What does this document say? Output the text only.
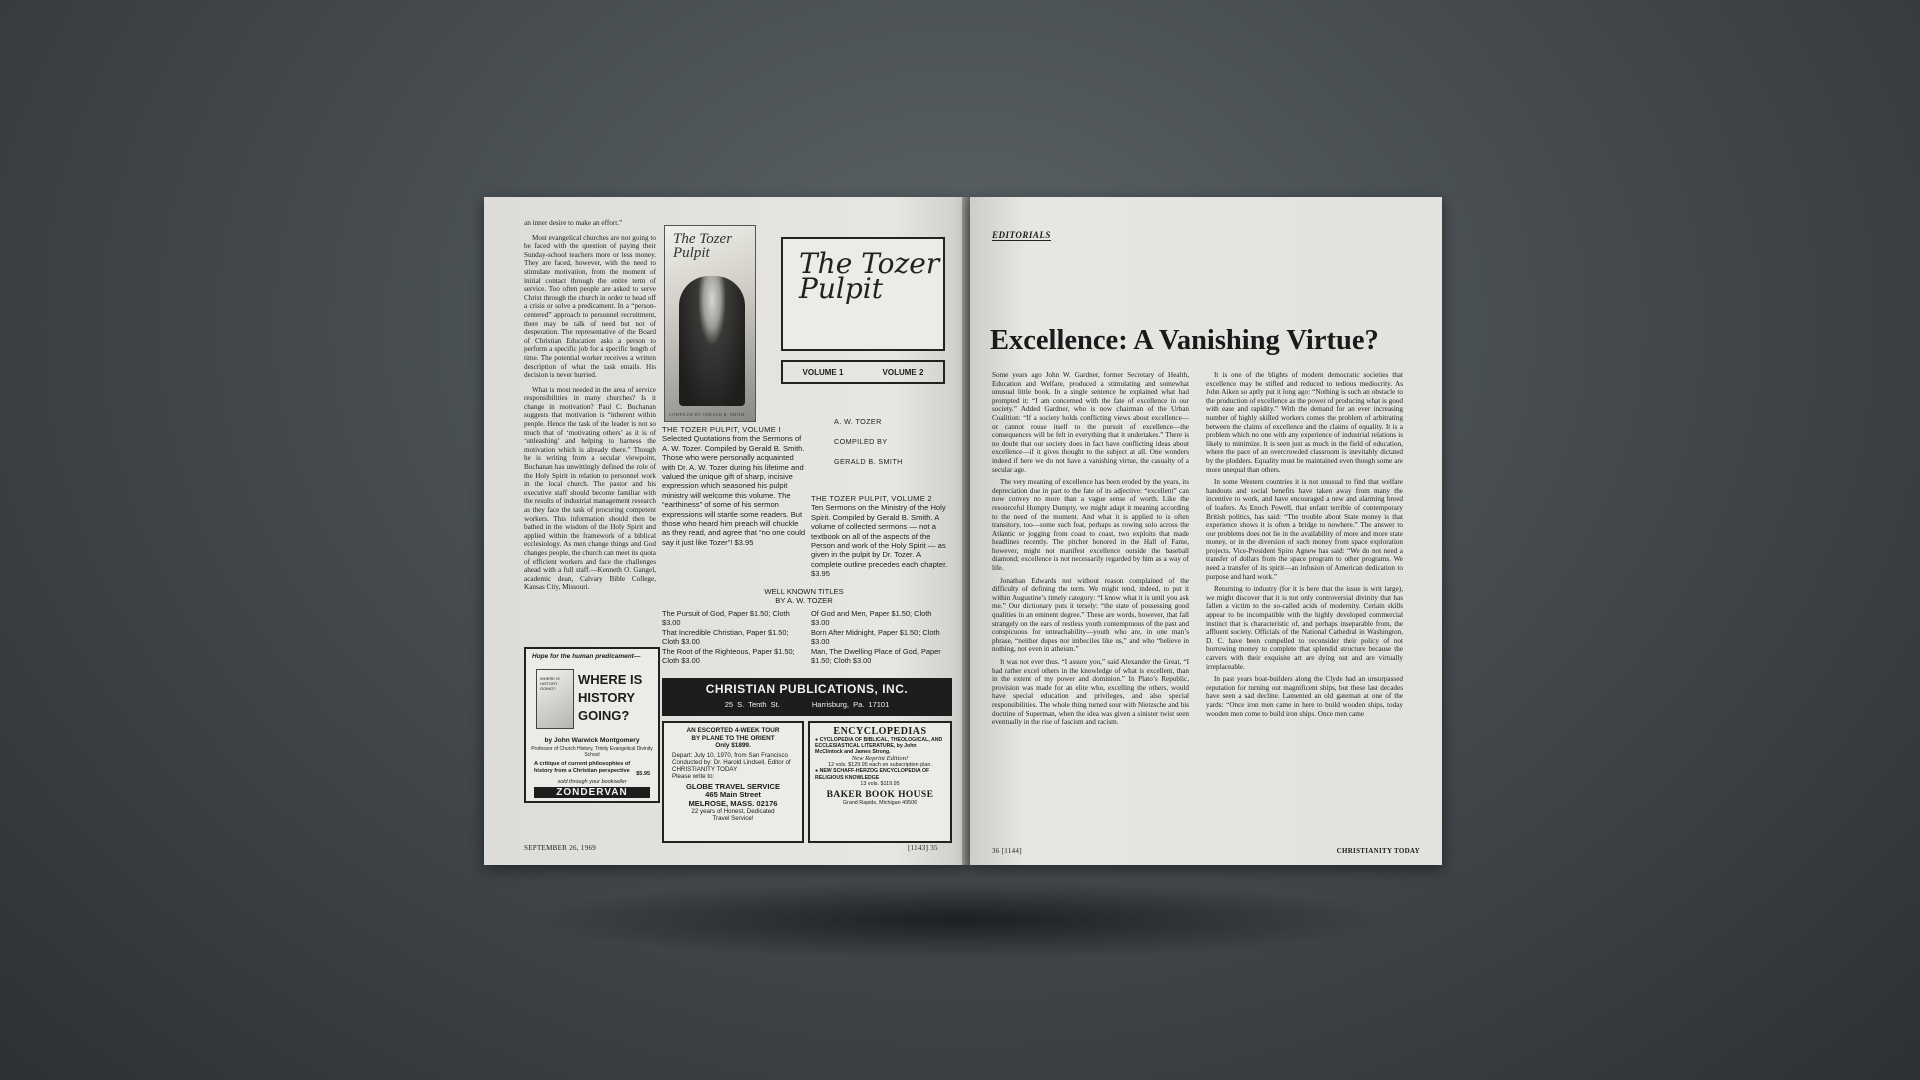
an inner desire to make an effort.”

Most evangelical churches are not going to be faced with the question of paying their Sunday-school teachers more or less money. They are faced, however, with the need to stimulate motivation, from the moment of initial contact through the entire term of service. Too often people are asked to serve Christ through the church in order to head off a crisis or solve a predicament. In a “person-centered” approach to personnel recruitment, there may be talk of need but not of desperation. The representative of the Board of Christian Education asks a person to perform a specific job for a specific length of time. The potential worker receives a written description of what the task entails. His decision is never hurried.

What is most needed in the area of service responsibilities in many churches? Is it change in motivation? Paul C. Buchanan suggests that motivation is “inherent within people. Hence the task of the leader is not so much that of ‘motivating others’ as it is of ‘unleashing’ and helping to harness the motivation which is already there.” Though he is writing from a secular viewpoint, Buchanan has unwittingly defined the role of the Holy Spirit in relation to personnel work in the local church. The pastor and his executive staff should become familiar with the results of industrial management research as they face the task of procuring competent workers. This information should then be bathed in the wisdom of the Holy Spirit and applied within the framework of a biblical ecclesiology. As men change things and God changes people, the church can meet its quota of efficient workers and face the challenges ahead with a full staff.—Kenneth O. Gangel, academic dean, Calvary Bible College, Kansas City, Missouri.

The Tozer Pulpit
COMPILED BY GERALD B. SMITH
The Tozer Pulpit
VOLUME 1	VOLUME 2
A. W. TOZER
COMPILED BY
GERALD B. SMITH
THE TOZER PULPIT, VOLUME I
Selected Quotations from the Sermons of A. W. Tozer. Compiled by Gerald B. Smith. Those who were personally acquainted with Dr. A. W. Tozer during his lifetime and valued the unique gift of sharp, incisive expression which seasoned his pulpit ministry will welcome this volume. The “earthiness” of some of his sermon expressions will startle some readers. But those who heard him preach will chuckle as they read, and agree that “no one could say it just like Tozer”! $3.95
THE TOZER PULPIT, VOLUME 2
Ten Sermons on the Ministry of the Holy Spirit. Compiled by Gerald B. Smith. A volume of collected sermons — not a textbook on all of the aspects of the Person and work of the Holy Spirit — as given in the pulpit by Dr. Tozer. A complete outline precedes each chapter. $3.95
WELL KNOWN TITLES
BY A. W. TOZER
The Pursuit of God, Paper $1.50; Cloth $3.00
That Incredible Christian, Paper $1.50; Cloth $3.00
The Root of the Righteous, Paper $1.50; Cloth $3.00
Of God and Men, Paper $1.50; Cloth $3.00
Born After Midnight, Paper $1.50; Cloth $3.00
Man, The Dwelling Place of God, Paper $1.50; Cloth $3.00
CHRISTIAN PUBLICATIONS, INC.
25 S. Tenth St.	Harrisburg, Pa. 17101
Hope for the human predicament—
WHERE IS HISTORY GOING?
WHERE IS
HISTORY
GOING?
by John Warwick Montgomery
Professor of Church History, Trinity Evangelical Divinity School
A critique of current philosophies of history from a Christian perspective
$5.95
sold through your bookseller
ZONDERVAN
AN ESCORTED 4-WEEK TOUR
BY PLANE TO THE ORIENT
Only $1899.
Depart: July 10, 1970, from San Francisco
Conducted by: Dr. Harold Lindsell, Editor of CHRISTIANITY TODAY
Please write to:
GLOBE TRAVEL SERVICE
465 Main Street
MELROSE, MASS. 02176
22 years of Honest, Dedicated
Travel Service!
ENCYCLOPEDIAS
● CYCLOPEDIA OF BIBLICAL, THEOLOGICAL, AND ECCLESIASTICAL LITERATURE, by John McClintock and James Strong.
New Reprint Edition!
12 vols. $129.95 each on subscription plan.
● NEW SCHAFF-HERZOG ENCYCLOPEDIA OF RELIGIOUS KNOWLEDGE
13 vols. $119.95
BAKER BOOK HOUSE
Grand Rapids, Michigan 49506
SEPTEMBER 26, 1969	[1143] 35
EDITORIALS
Excellence: A Vanishing Virtue?

Some years ago John W. Gardner, former Secretary of Health, Education and Welfare, produced a stimulating and somewhat unusual little book. In a single sentence he explained what had prompted it: “I am concerned with the fate of excellence in our society.” Added Gardner, who is now chairman of the Urban Coalition: “If a society holds conflicting views about excellence—or cannot rouse itself to the pursuit of excellence—the consequences will be felt in everything that it undertakes.” There is no doubt that our society does in fact have conflicting ideas about excellence—if it gives thought to the subject at all. One wonders indeed if here we do not have a vanishing virtue, the casualty of a secular age.

The very meaning of excellence has been eroded by the years, its depreciation due in part to the fate of its adjective: “excellent” can now convey no more than a vague sense of worth. Like the resourceful Humpty Dumpty, we might adapt it meaning according to the need of the moment. And what it is applied to is often transitory, too—some such feat, perhaps as rowing solo across the Atlantic or jogging from coast to coast, two exploits that made headlines recently. The pitcher honored in the Hall of Fame, however, might not manifest excellence outside the baseball diamond; excellence is not necessarily regarded by him as a way of life.

Jonathan Edwards not without reason complained of the difficulty of defining the term. We might tend, indeed, to put it within Augustine’s timely category: “I know what it is until you ask me.” Our dictionary puts it tersely: “the state of possessing good qualities in an eminent degree.” These are words, however, that fall strangely on the ears of restless youth contemptuous of the past and conspicuous for unteachability—youth who are, in one man’s phrase, “neither dupes nor imbeciles like us,” and who “believe in nothing, not even in atheism.”

It was not ever thus. “I assure you,” said Alexander the Great, “I had rather excel others in the knowledge of what is excellent, than in the extent of my power and dominion.” In Plato’s Republic, provision was made for an elite who, excelling the others, would have special education and privileges, and also special responsibilities. The whole thing turned sour with Nietzsche and his doctrine of Superman, when the idea was given a sinister twist seen eventually in the rise of fascism and racism.

It is one of the blights of modern democratic societies that excellence may be stifled and reduced to tedious mediocrity. As John Aiken so aptly put it long ago: “Nothing is such an obstacle to the production of excellence as the power of producing what is good with ease and rapidity.” With the demand for an ever increasing number of highly skilled workers comes the problem of arbitrating between the claims of excellence and the claims of equality. It is a problem which no one with any experience of industrial relations is likely to minimize. It is seen just as much in the field of education, where the pace of an overcrowded classroom is inevitably dictated by the plodders. Equality must be maintained even though some are more unequal than others.

In some Western countries it is not unusual to find that welfare handouts and social benefits have taken away from many the incentive to work, and have encouraged a new and alarming breed of loafers. As Enoch Powell, that enfant terrible of contemporary British politics, has said: “The trouble about State money is that experience shows it is often a bridge to nowhere.” The answer to our problems does not lie in the availability of more and more state money, or in the diversion of such money from space exploration projects. Vice-President Spiro Agnew has said: “We do not need a transfer of dollars from the space program to other programs. We need a transfer of its spirit—an infusion of American dedication to purpose and hard work.”

Returning to industry (for it is here that the issue is writ large), we might discover that it is not only controversial divinity that has fallen a victim to the so-called acids of modernity. Certain skills appear to be incompatible with the highly developed commercial instinct that is characteristic of, and perhaps inseparable from, the affluent society. Officials of the National Cathedral in Washington, D. C. have been compelled to reconsider their policy of not borrowing money to complete that splendid structure because the carvers with their exquisite art are dying out and are virtually irreplaceable.

In past years boat-builders along the Clyde had an unsurpassed reputation for turning out magnificent ships, but these last decades have seen a sad decline. Lamented an old gateman at one of the yards: “Once iron men came in here to build wooden ships, today wooden men come to build iron ships. Once men came

36 [1144]	CHRISTIANITY TODAY
